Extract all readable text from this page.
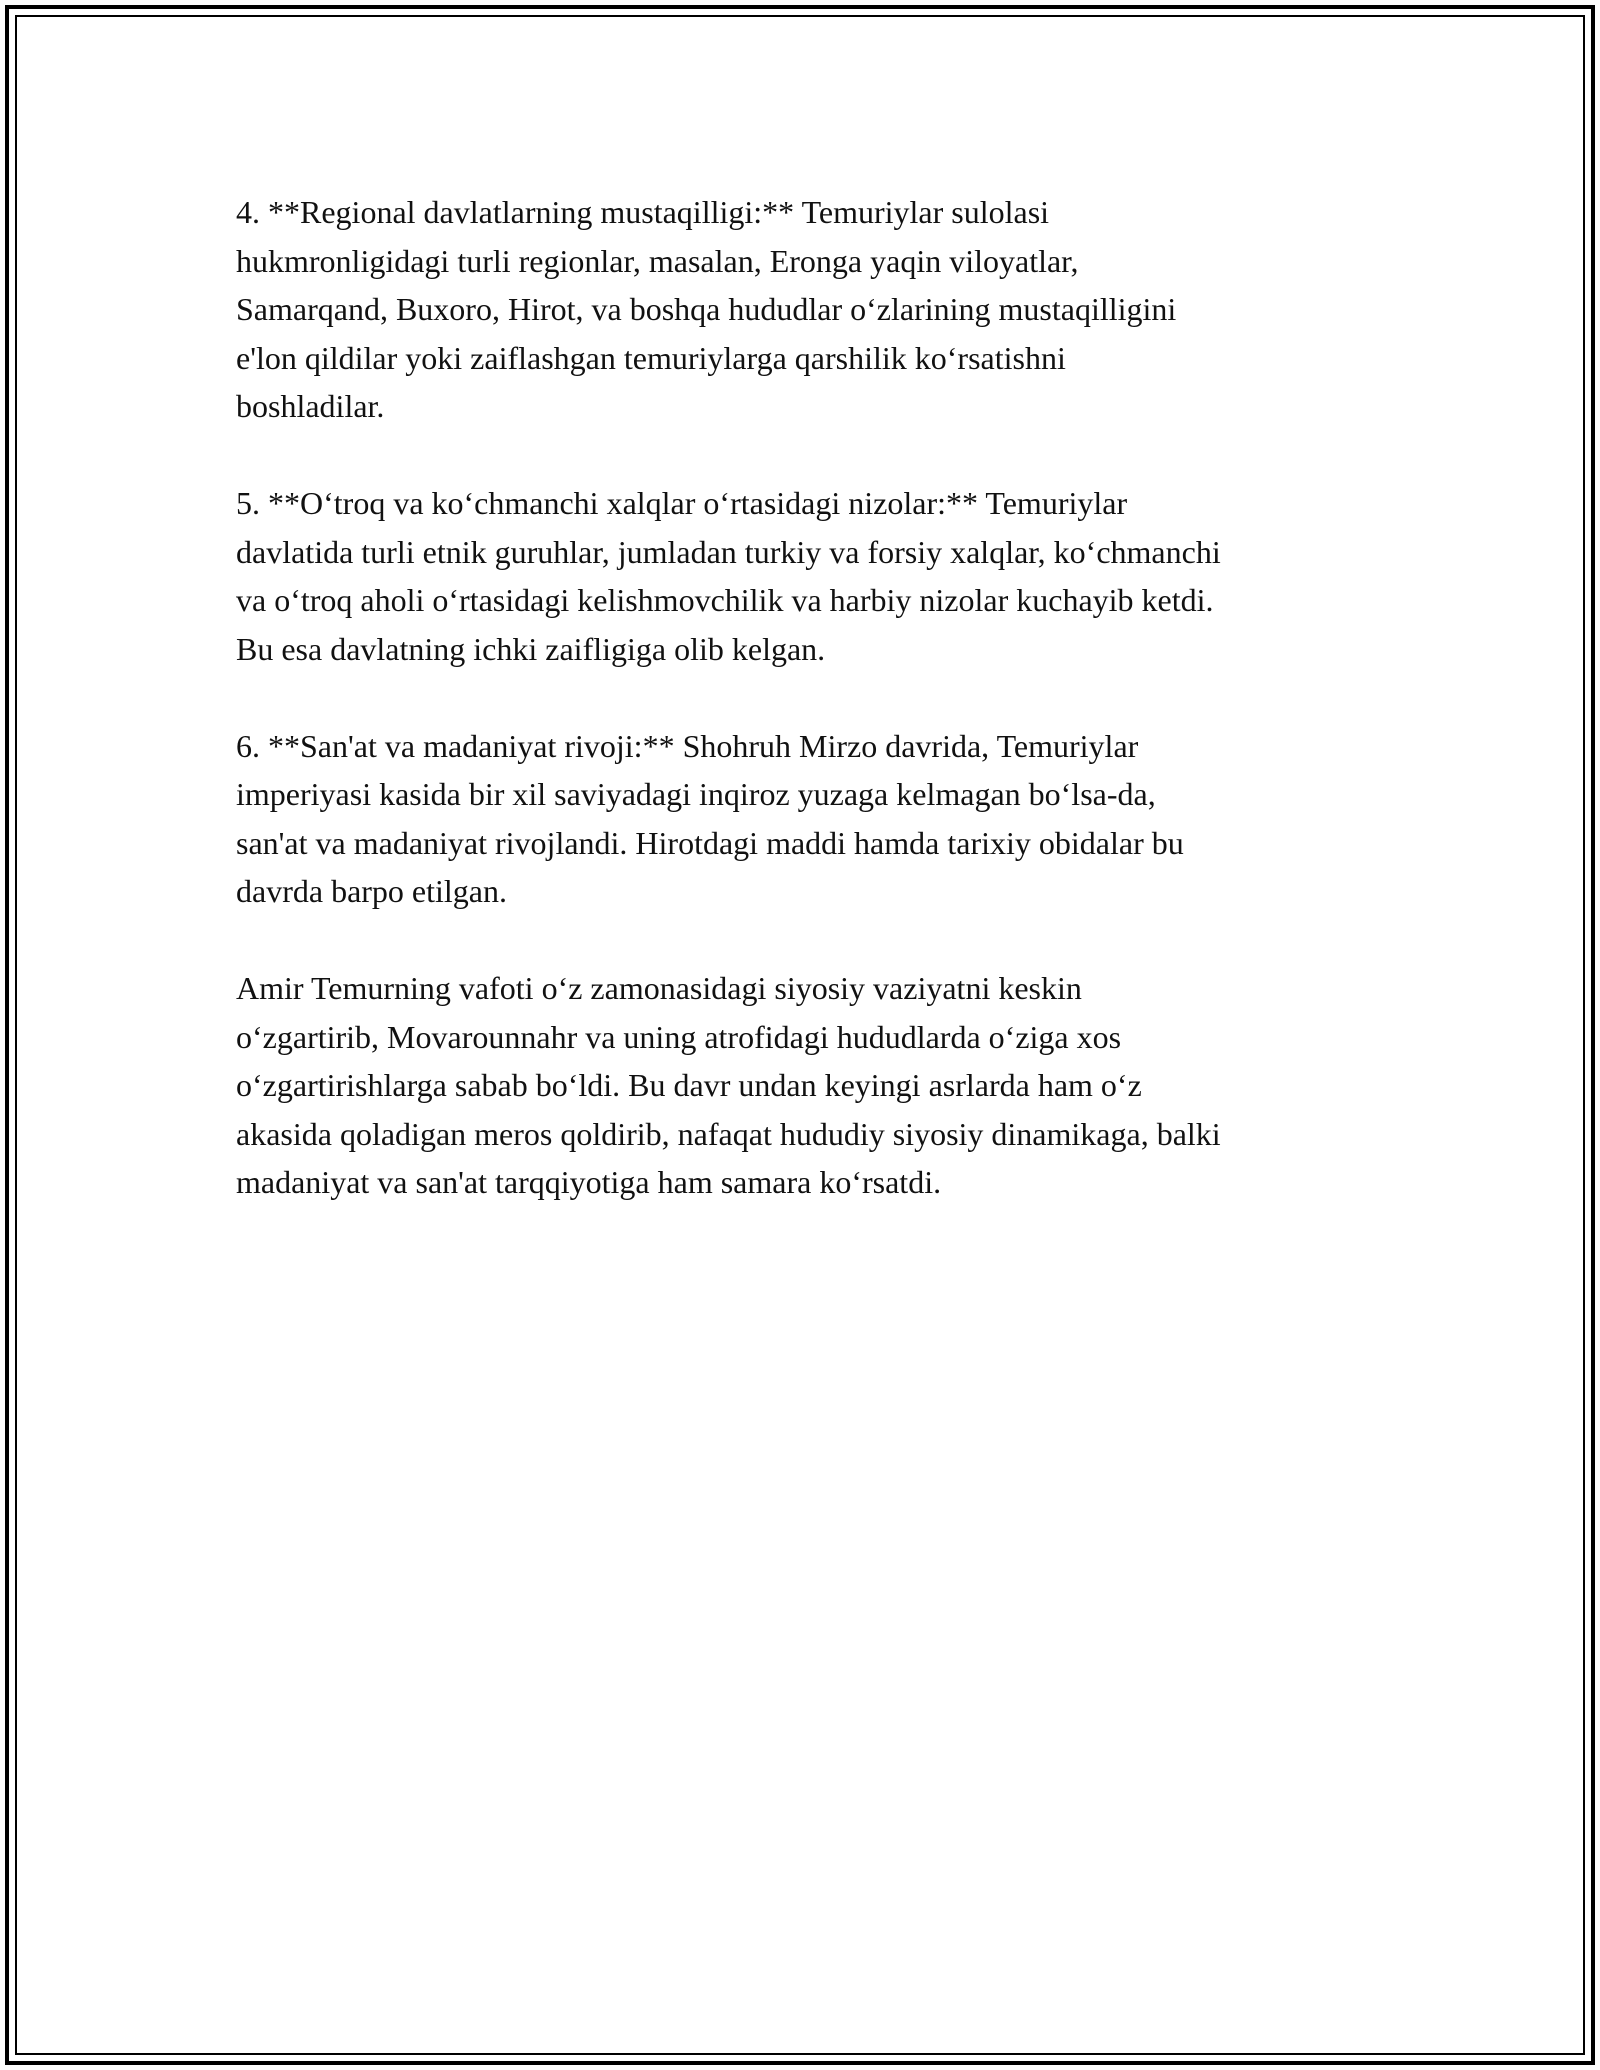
4. **Regional davlatlarning mustaqilligi:** Temuriylar sulolasi
hukmronligidagi turli regionlar, masalan, Eronga yaqin viloyatlar,
Samarqand, Buxoro, Hirot, va boshqa hududlar o‘zlarining mustaqilligini
e'lon qildilar yoki zaiflashgan temuriylarga qarshilik ko‘rsatishni
boshladilar.

5. **O‘troq va ko‘chmanchi xalqlar o‘rtasidagi nizolar:** Temuriylar
davlatida turli etnik guruhlar, jumladan turkiy va forsiy xalqlar, ko‘chmanchi
va o‘troq aholi o‘rtasidagi kelishmovchilik va harbiy nizolar kuchayib ketdi.
Bu esa davlatning ichki zaifligiga olib kelgan.

6. **San'at va madaniyat rivoji:** Shohruh Mirzo davrida, Temuriylar
imperiyasi kasida bir xil saviyadagi inqiroz yuzaga kelmagan bo‘lsa-da,
san'at va madaniyat rivojlandi. Hirotdagi maddi hamda tarixiy obidalar bu
davrda barpo etilgan.

Amir Temurning vafoti o‘z zamonasidagi siyosiy vaziyatni keskin
o‘zgartirib, Movarounnahr va uning atrofidagi hududlarda o‘ziga xos
o‘zgartirishlarga sabab bo‘ldi. Bu davr undan keyingi asrlarda ham o‘z
akasida qoladigan meros qoldirib, nafaqat hududiy siyosiy dinamikaga, balki
madaniyat va san'at tarqqiyotiga ham samara ko‘rsatdi.
